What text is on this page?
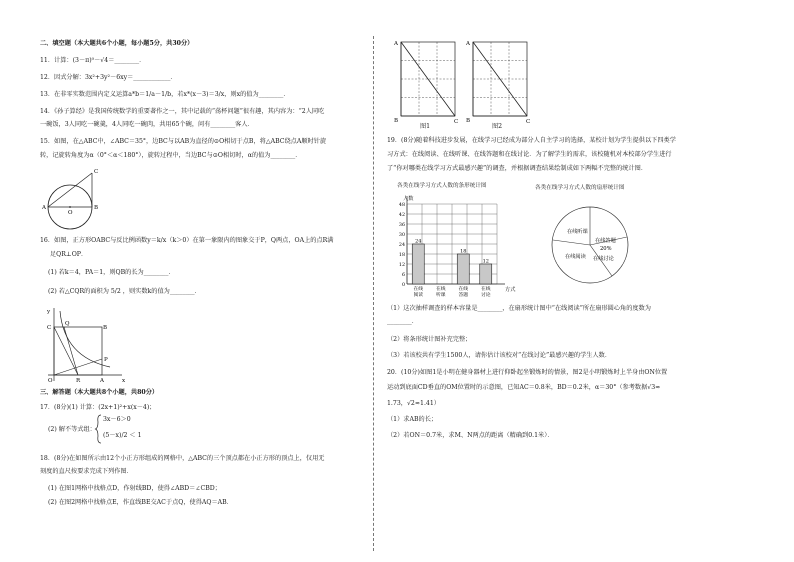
二、填空题（本大题共6个小题，每小题5分，共30分）
11．计算：(3－π)⁰－√4＝________．
12．因式分解：3x²+3y²－6xy＝____________．
13．在非零实数范围内定义运算a*b＝1/a－1/b，若x*(x－3)＝3/x，则x的值为________．
14．《孙子算经》是我国传统数学的重要著作之一，其中记载的“荡杯问题”很有趣，其内容为：“2人同吃
一碗饭，3人同吃一碗羹，4人同吃一碗肉，共用65个碗，问有________客人．
15．如图，在△ABC中，∠ABC＝35°，边BC与以AB为直径的⊙O相切于点B，将△ABC绕点A顺时针旋
转，记旋转角度为α（0°＜α＜180°），旋转过程中，当边BC与⊙O相切时，α的值为________．
C
A
O
B
16．如图，正方形OABC与反比例函数y＝k/x（k＞0）在第一象限内的图象交于P，Q两点，OA上的点R满
足QR⊥OP．
(1) 若k＝4，PA＝1，则QB的长为________．
(2) 若△CQR的面积为 5/2 ，则实数k的值为________．
y
C
Q
B
P
O	R	A	x
三、解答题（本大题共8个小题，共80分）
17．(8分)(1) 计算：(2x+1)²+x(x－4)；
(2) 解不等式组：
3x－6＞0
(5－x)/2 ＜ 1
18．(8分)在如图所示由12个小正方形组成的网格中，△ABC的三个顶点都在小正方形的顶点上，仅用无
刻度的直尺按要求完成下列作图．
(1) 在图1网格中找格点D，作射线BD，使得∠ABD＝∠CBD；
(2) 在图2网格中找格点E，作直线BE交AC于点Q，使得AQ＝AB．
A
B	C
图1
A
B	C
图2
19．(8分)随着科技进步发展，在线学习已经成为部分人自主学习的选择，某校计划为学生提供以下四类学
习方式：在线阅读、在线听课、在线答题和在线讨论．为了解学生的需求，该校随机对本校部分学生进行
了“你对哪类在线学习方式最感兴趣”的调查，并根据调查结果绘制成如下两幅不完整的统计图．
各类在线学习方式人数的条形统计图
人数
方式
0
6
12
18
24
30
36
42
48
24
在线
阅读
在线
听课
18
在线
答题
12
在线
讨论
各类在线学习方式人数的扇形统计图
在线听课
在线答题
20%
在线讨论
在线阅读
（1）这次抽样调查的样本容量是________，在扇形统计图中“在线阅读”所在扇形圆心角的度数为
________．
（2）将条形统计图补充完整；
（3）若该校共有学生1500人，请你估计该校对“在线讨论”最感兴趣的学生人数．
20．(10分)如图1是小明在健身器材上进行仰卧起坐锻炼时的情景，图2是小明锻炼时上半身由ON位置
运动到底面CD垂直的OM位置时的示意图，已知AC＝0.8米，BD＝0.2米，α＝30°（参考数据√3≈
1.73，√2≈1.41）
（1）求AB的长；
（2）若ON＝0.7米，求M、N两点的距离（精确到0.1米）．
